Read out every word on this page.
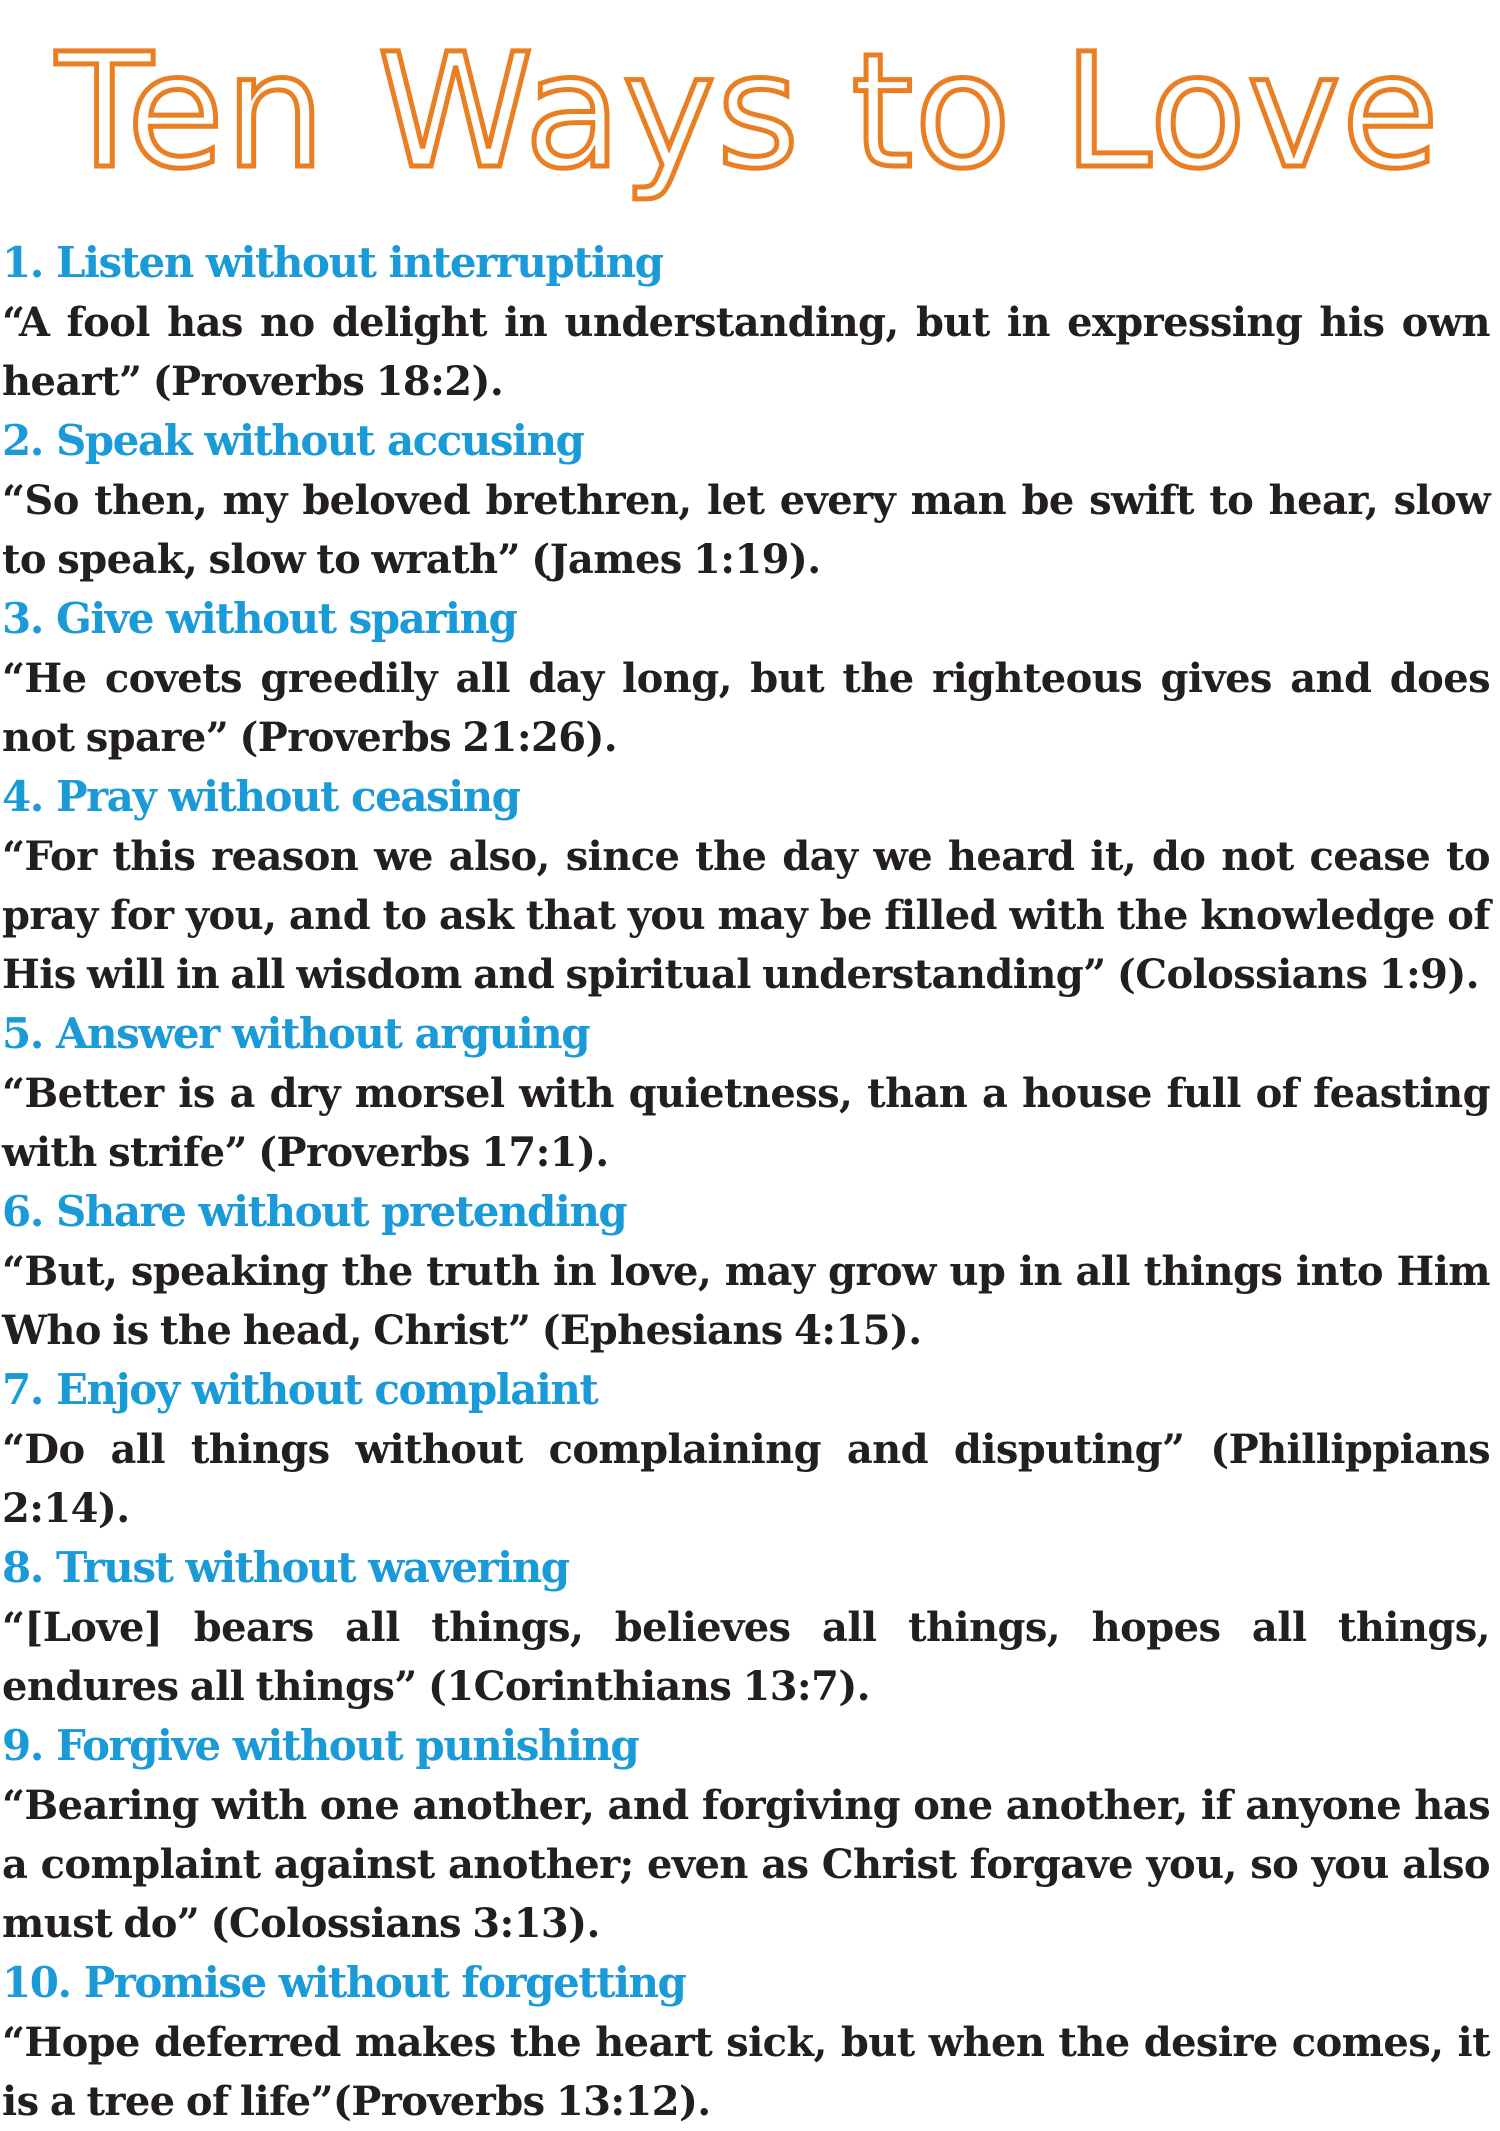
Ten Ways to Love
1. Listen without interrupting
“A fool has no delight in understanding, but in expressing his own heart” (Proverbs 18:2).
2. Speak without accusing
“So then, my beloved brethren, let every man be swift to hear, slow to speak, slow to wrath” (James 1:19).
3. Give without sparing
“He covets greedily all day long, but the righteous gives and does not spare” (Proverbs 21:26).
4. Pray without ceasing
“For this reason we also, since the day we heard it, do not cease to pray for you, and to ask that you may be filled with the knowledge of His will in all wisdom and spiritual understanding” (Colossians 1:9).
5. Answer without arguing
“Better is a dry morsel with quietness, than a house full of feasting with strife” (Proverbs 17:1).
6. Share without pretending
“But, speaking the truth in love, may grow up in all things into Him Who is the head, Christ” (Ephesians 4:15).
7. Enjoy without complaint
“Do all things without complaining and disputing” (Phillippians 2:14).
8. Trust without wavering
“[Love] bears all things, believes all things, hopes all things, endures all things” (1Corinthians 13:7).
9. Forgive without punishing
“Bearing with one another, and forgiving one another, if anyone has a complaint against another; even as Christ forgave you, so you also must do” (Colossians 3:13).
10. Promise without forgetting
“Hope deferred makes the heart sick, but when the desire comes, it is a tree of life”(Proverbs 13:12).
